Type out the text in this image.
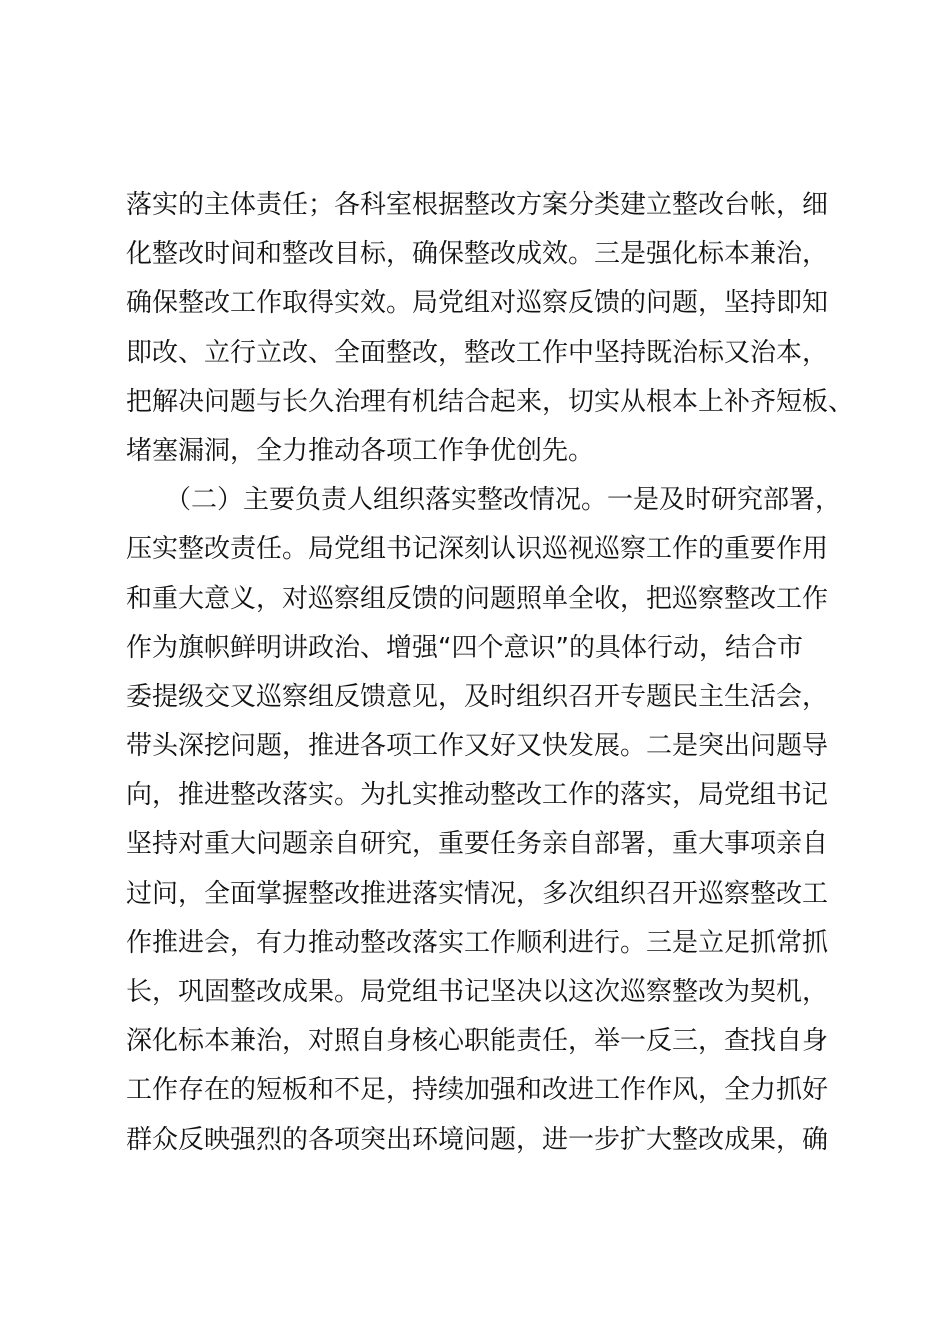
落实的主体责任；各科室根据整改方案分类建立整改台帐，细
化整改时间和整改目标，确保整改成效。三是强化标本兼治，
确保整改工作取得实效。局党组对巡察反馈的问题，坚持即知
即改、立行立改、全面整改，整改工作中坚持既治标又治本，
把解决问题与长久治理有机结合起来，切实从根本上补齐短板、
堵塞漏洞，全力推动各项工作争优创先。
　　（二）主要负责人组织落实整改情况。一是及时研究部署，
压实整改责任。局党组书记深刻认识巡视巡察工作的重要作用
和重大意义，对巡察组反馈的问题照单全收，把巡察整改工作
作为旗帜鲜明讲政治、增强“四个意识”的具体行动，结合市
委提级交叉巡察组反馈意见，及时组织召开专题民主生活会，
带头深挖问题，推进各项工作又好又快发展。二是突出问题导
向，推进整改落实。为扎实推动整改工作的落实，局党组书记
坚持对重大问题亲自研究，重要任务亲自部署，重大事项亲自
过问，全面掌握整改推进落实情况，多次组织召开巡察整改工
作推进会，有力推动整改落实工作顺利进行。三是立足抓常抓
长，巩固整改成果。局党组书记坚决以这次巡察整改为契机，
深化标本兼治，对照自身核心职能责任，举一反三，查找自身
工作存在的短板和不足，持续加强和改进工作作风，全力抓好
群众反映强烈的各项突出环境问题，进一步扩大整改成果，确
